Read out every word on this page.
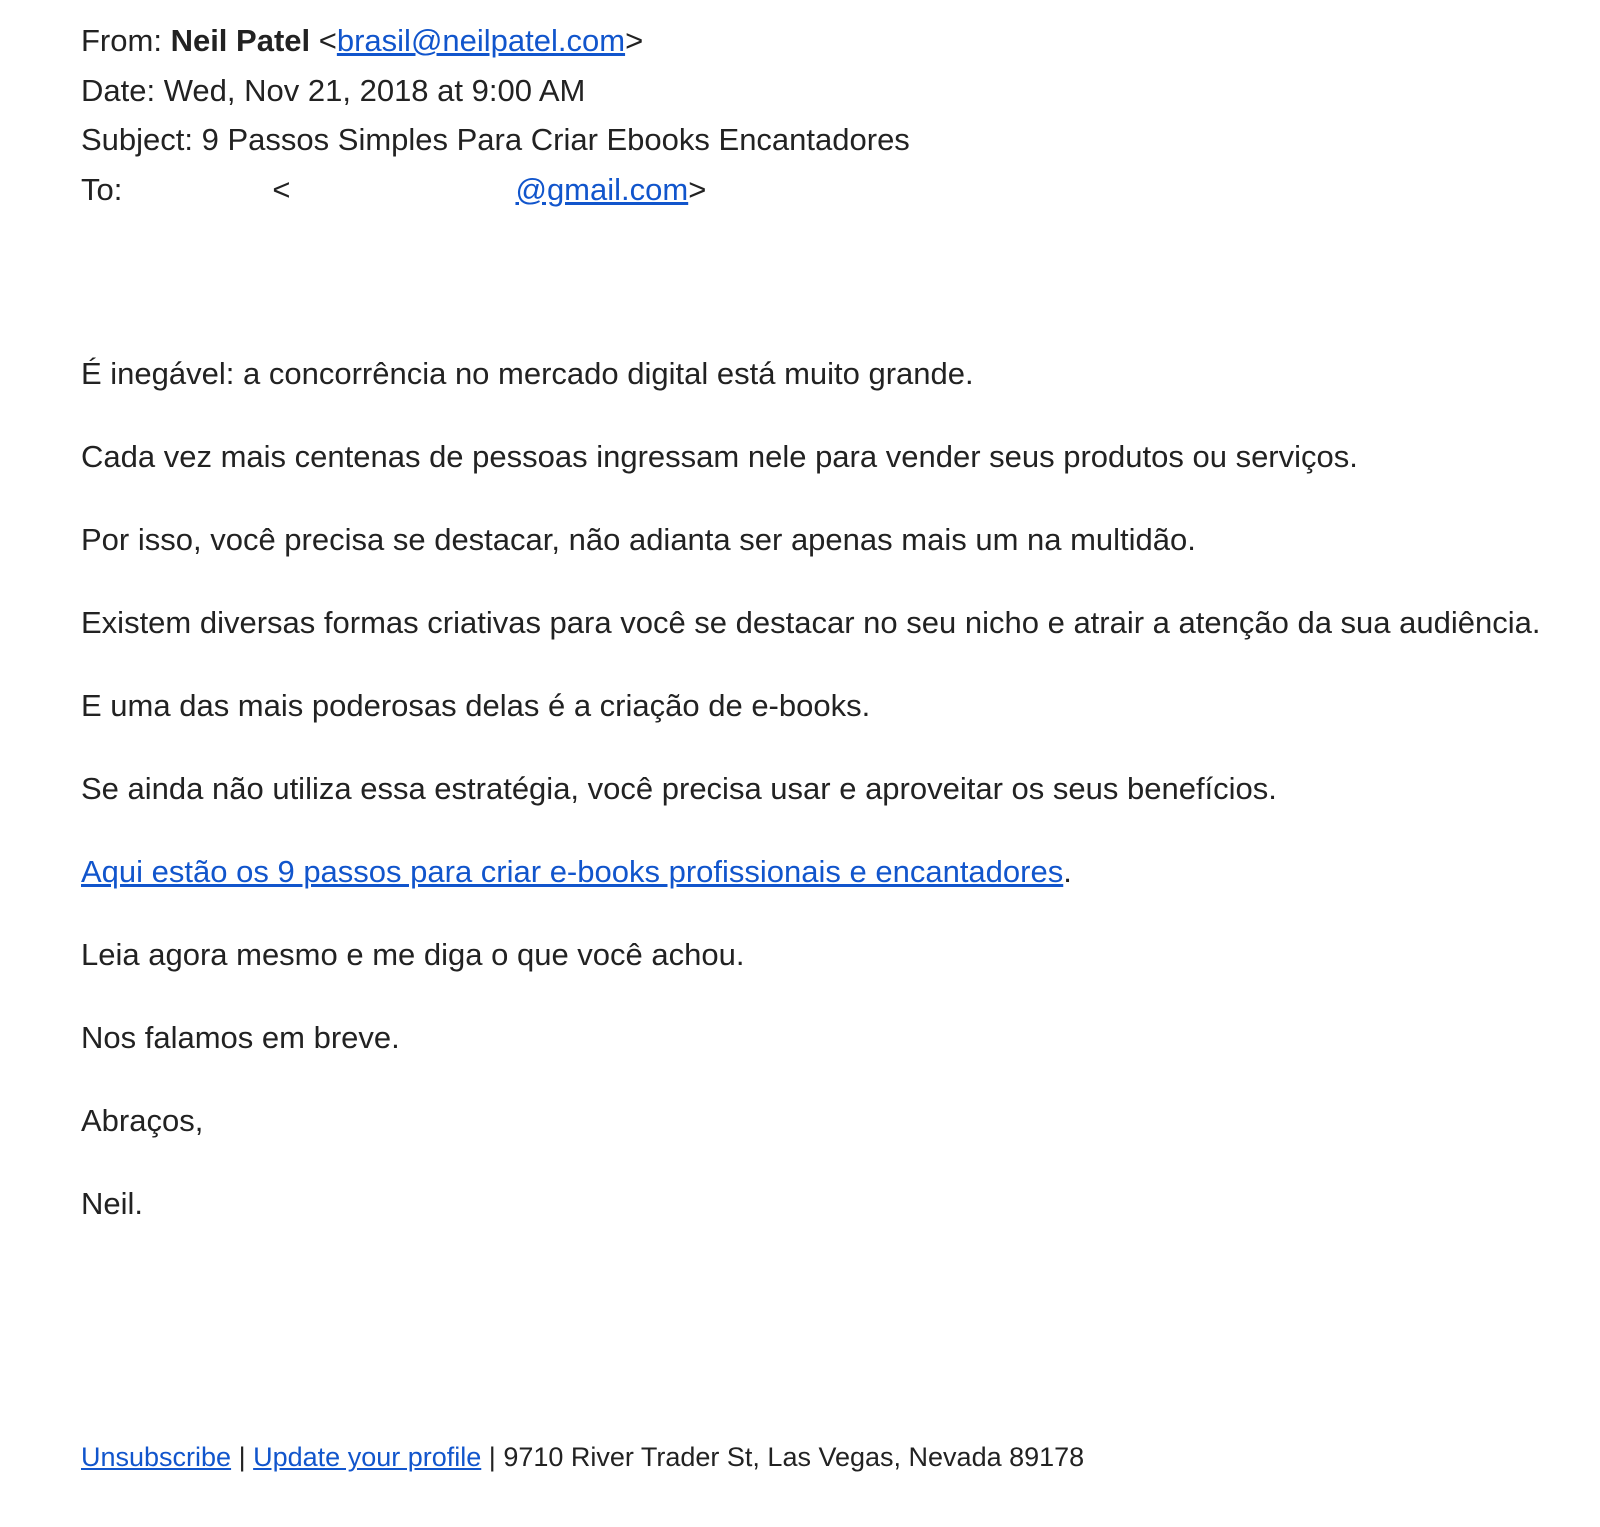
From: Neil Patel <brasil@neilpatel.com>
Date: Wed, Nov 21, 2018 at 9:00 AM
Subject: 9 Passos Simples Para Criar Ebooks Encantadores
To:	<	@gmail.com>

É inegável: a concorrência no mercado digital está muito grande.

Cada vez mais centenas de pessoas ingressam nele para vender seus produtos ou serviços.

Por isso, você precisa se destacar, não adianta ser apenas mais um na multidão.

Existem diversas formas criativas para você se destacar no seu nicho e atrair a atenção da sua audiência.

E uma das mais poderosas delas é a criação de e-books.

Se ainda não utiliza essa estratégia, você precisa usar e aproveitar os seus benefícios.

Aqui estão os 9 passos para criar e-books profissionais e encantadores.

Leia agora mesmo e me diga o que você achou.

Nos falamos em breve.

Abraços,

Neil.

Unsubscribe | Update your profile | 9710 River Trader St, Las Vegas, Nevada 89178
